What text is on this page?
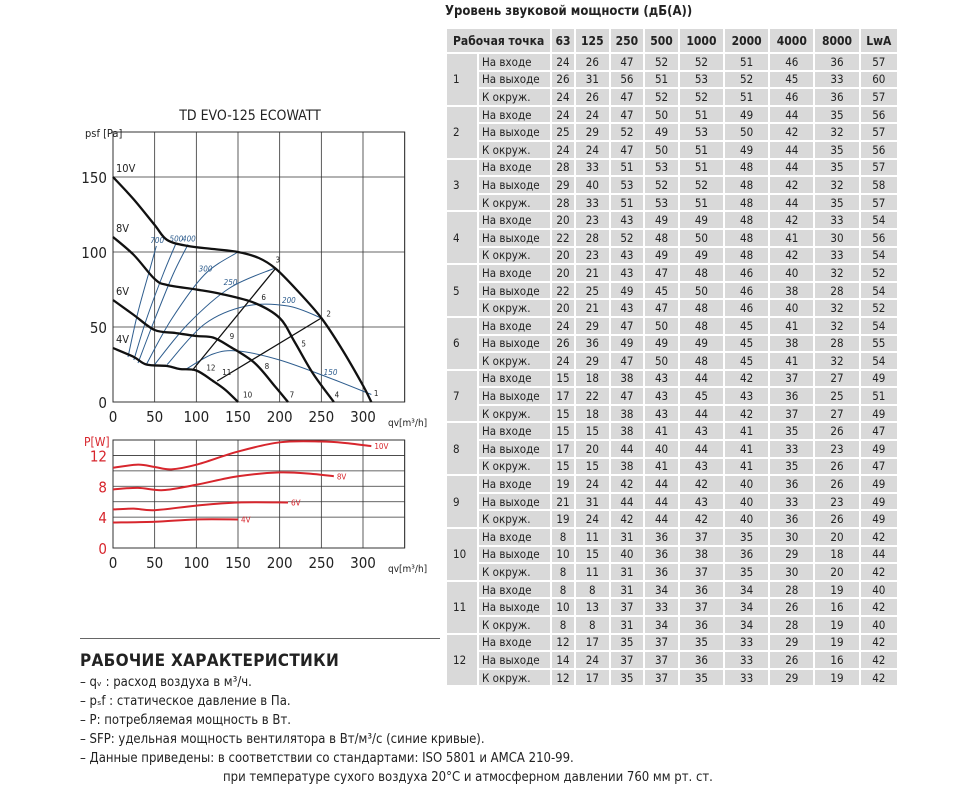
TD EVO-125 ECOWATT
0 50 100 150 200 250 300
0
50
100
150
qv[m³/h]
psf [Pa]
700 500
400
300
250
200
150
10V
8V
6V
4V
1
2
3
4
5
6
7
8
9
10
11
12
0 50 100 150 200 250 300
0
4
8
12
qv[m³/h]
P[W]	10V
8V
6V
4V
Уровень звуковой мощности (дБ(А))
Рабочая точка		63	125	250	500	1000	2000	4000	8000	LwA
1	На входе	24	26	47	52	52	51	46	36	57
	На выходе	26	31	56	51	53	52	45	33	60
	К окруж.	24	26	47	52	52	51	46	36	57
2	На входе	24	24	47	50	51	49	44	35	56
	На выходе	25	29	52	49	53	50	42	32	57
	К окруж.	24	24	47	50	51	49	44	35	56
3	На входе	28	33	51	53	51	48	44	35	57
	На выходе	29	40	53	52	52	48	42	32	58
	К окруж.	28	33	51	53	51	48	44	35	57
4	На входе	20	23	43	49	49	48	42	33	54
	На выходе	22	28	52	48	50	48	41	30	56
	К окруж.	20	23	43	49	49	48	42	33	54
5	На входе	20	21	43	47	48	46	40	32	52
	На выходе	22	25	49	45	50	46	38	28	54
	К окруж.	20	21	43	47	48	46	40	32	52
6	На входе	24	29	47	50	48	45	41	32	54
	На выходе	26	36	49	49	49	45	38	28	55
	К окруж.	24	29	47	50	48	45	41	32	54
7	На входе	15	18	38	43	44	42	37	27	49
	На выходе	17	22	47	43	45	43	36	25	51
	К окруж.	15	18	38	43	44	42	37	27	49
8	На входе	15	15	38	41	43	41	35	26	47
	На выходе	17	20	44	40	44	41	33	23	49
	К окруж.	15	15	38	41	43	41	35	26	47
9	На входе	19	24	42	44	42	40	36	26	49
	На выходе	21	31	44	44	43	40	33	23	49
	К окруж.	19	24	42	44	42	40	36	26	49
10	На входе	8	11	31	36	37	35	30	20	42
	На выходе	10	15	40	36	38	36	29	18	44
	К окруж.	8	11	31	36	37	35	30	20	42
11	На входе	8	8	31	34	36	34	28	19	40
	На выходе	10	13	37	33	37	34	26	16	42
	К окруж.	8	8	31	34	36	34	28	19	40
12	На входе	12	17	35	37	35	33	29	19	42
	На выходе	14	24	37	37	36	33	26	16	42
	К окруж.	12	17	35	37	35	33	29	19	42
РАБОЧИЕ ХАРАКТЕРИСТИКИ
– qᵥ : расход воздуха в м³/ч.
– pₛf : статическое давление в Па.
– P: потребляемая мощность в Вт.
– SFP: удельная мощность вентилятора в Вт/м³/с (синие кривые).
– Данные приведены: в соответствии со стандартами: ISO 5801 и AMCA 210-99.
при температуре сухого воздуха 20°C и атмосферном давлении 760 мм рт. ст.
